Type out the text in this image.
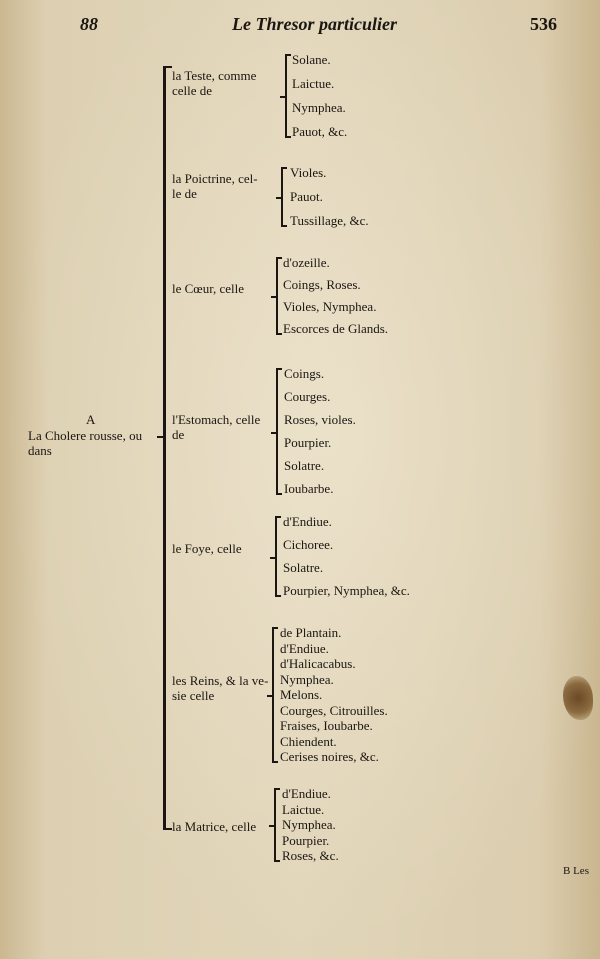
88	Le Thresor particulier	536
A
La Cholere rousse, ou
dans
la Teste, comme
celle de
Solane.
Laictue.
Nymphea.
Pauot, &c.
la Poictrine, cel-
le de
Violes.
Pauot.
Tussillage, &c.
le Cœur, celle
d'ozeille.
Coings, Roses.
Violes, Nymphea.
Escorces de Glands.
l'Estomach, celle
de
Coings.
Courges.
Roses, violes.
Pourpier.
Solatre.
Ioubarbe.
le Foye, celle
d'Endiue.
Cichoree.
Solatre.
Pourpier, Nymphea, &c.
les Reins, & la ve-
sie celle
de Plantain.
d'Endiue.
d'Halicacabus.
Nymphea.
Melons.
Courges, Citrouilles.
Fraises, Ioubarbe.
Chiendent.
Cerises noires, &c.
la Matrice, celle
d'Endiue.
Laictue.
Nymphea.
Pourpier.
Roses, &c.
B Les
